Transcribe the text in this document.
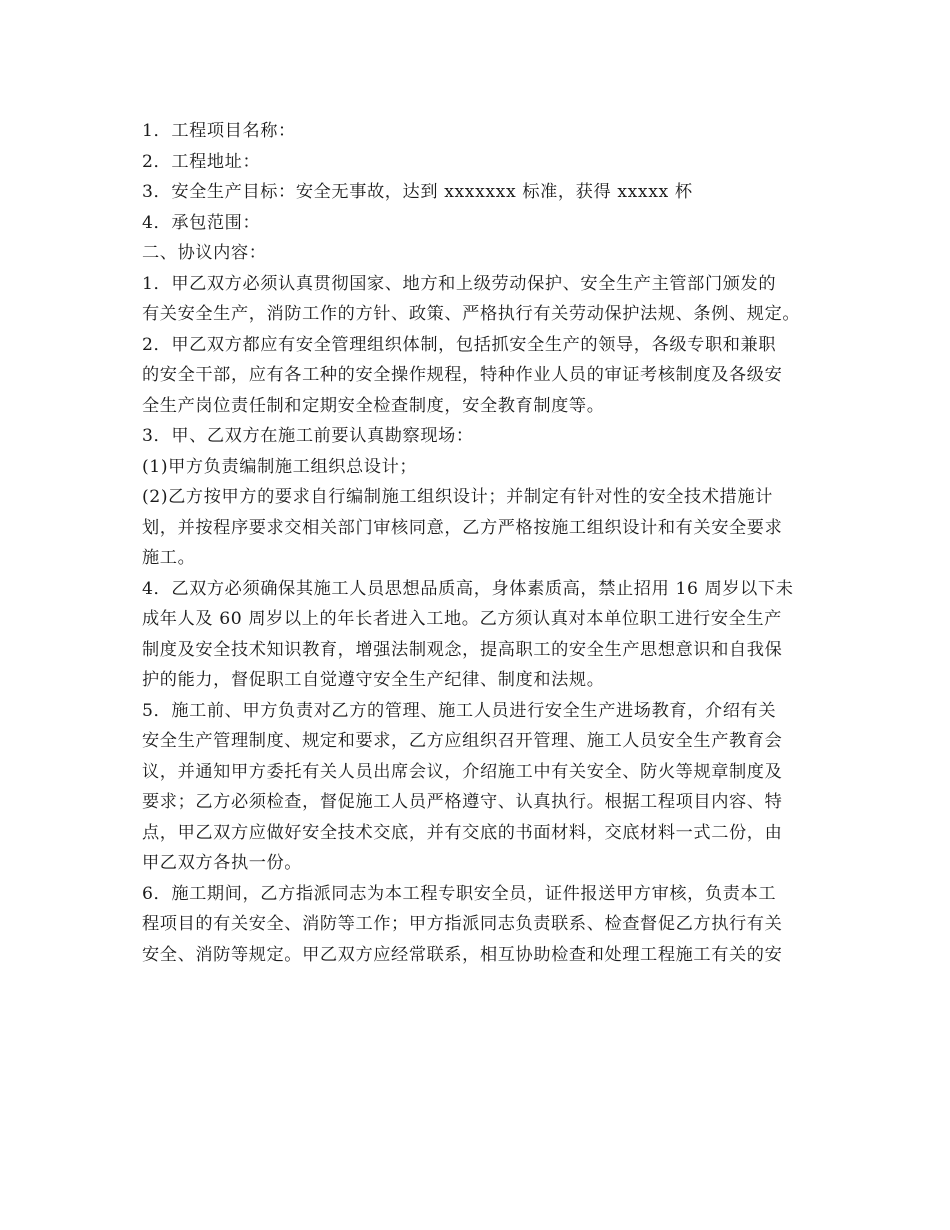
1．工程项目名称：
2．工程地址：
3．安全生产目标：安全无事故，达到 xxxxxxx 标准，获得 xxxxx 杯
4．承包范围：
二、协议内容：
1．甲乙双方必须认真贯彻国家、地方和上级劳动保护、安全生产主管部门颁发的
有关安全生产，消防工作的方针、政策、严格执行有关劳动保护法规、条例、规定。
2．甲乙双方都应有安全管理组织体制，包括抓安全生产的领导，各级专职和兼职
的安全干部，应有各工种的安全操作规程，特种作业人员的审证考核制度及各级安
全生产岗位责任制和定期安全检查制度，安全教育制度等。
3．甲、乙双方在施工前要认真勘察现场：
(1)甲方负责编制施工组织总设计；
(2)乙方按甲方的要求自行编制施工组织设计；并制定有针对性的安全技术措施计
划，并按程序要求交相关部门审核同意，乙方严格按施工组织设计和有关安全要求
施工。
4．乙双方必须确保其施工人员思想品质高，身体素质高，禁止招用 16 周岁以下未
成年人及 60 周岁以上的年长者进入工地。乙方须认真对本单位职工进行安全生产
制度及安全技术知识教育，增强法制观念，提高职工的安全生产思想意识和自我保
护的能力，督促职工自觉遵守安全生产纪律、制度和法规。
5．施工前、甲方负责对乙方的管理、施工人员进行安全生产进场教育，介绍有关
安全生产管理制度、规定和要求，乙方应组织召开管理、施工人员安全生产教育会
议，并通知甲方委托有关人员出席会议，介绍施工中有关安全、防火等规章制度及
要求；乙方必须检查，督促施工人员严格遵守、认真执行。根据工程项目内容、特
点，甲乙双方应做好安全技术交底，并有交底的书面材料，交底材料一式二份，由
甲乙双方各执一份。
6．施工期间，乙方指派同志为本工程专职安全员，证件报送甲方审核，负责本工
程项目的有关安全、消防等工作；甲方指派同志负责联系、检查督促乙方执行有关
安全、消防等规定。甲乙双方应经常联系，相互协助检查和处理工程施工有关的安
